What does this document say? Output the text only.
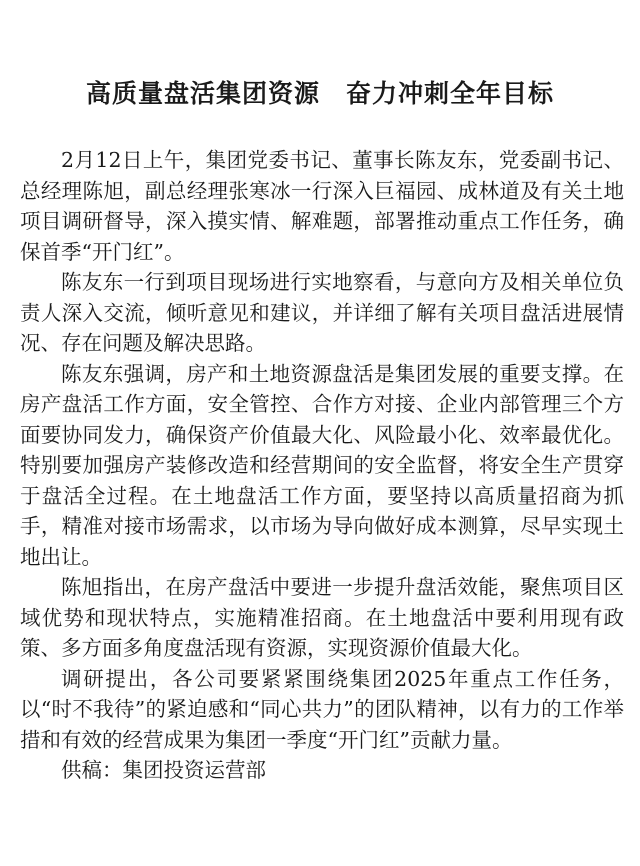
高质量盘活集团资源　奋力冲刺全年目标

2月12日上午，集团党委书记、董事长陈友东，党委副书记、总经理陈旭，副总经理张寒冰一行深入巨福园、成林道及有关土地项目调研督导，深入摸实情、解难题，部署推动重点工作任务，确保首季“开门红”。

陈友东一行到项目现场进行实地察看，与意向方及相关单位负责人深入交流，倾听意见和建议，并详细了解有关项目盘活进展情况、存在问题及解决思路。

陈友东强调，房产和土地资源盘活是集团发展的重要支撑。在房产盘活工作方面，安全管控、合作方对接、企业内部管理三个方面要协同发力，确保资产价值最大化、风险最小化、效率最优化。特别要加强房产装修改造和经营期间的安全监督，将安全生产贯穿于盘活全过程。在土地盘活工作方面，要坚持以高质量招商为抓手，精准对接市场需求，以市场为导向做好成本测算，尽早实现土地出让。

陈旭指出，在房产盘活中要进一步提升盘活效能，聚焦项目区域优势和现状特点，实施精准招商。在土地盘活中要利用现有政策、多方面多角度盘活现有资源，实现资源价值最大化。

调研提出，各公司要紧紧围绕集团2025年重点工作任务，以“时不我待”的紧迫感和“同心共力”的团队精神，以有力的工作举措和有效的经营成果为集团一季度“开门红”贡献力量。

供稿：集团投资运营部
